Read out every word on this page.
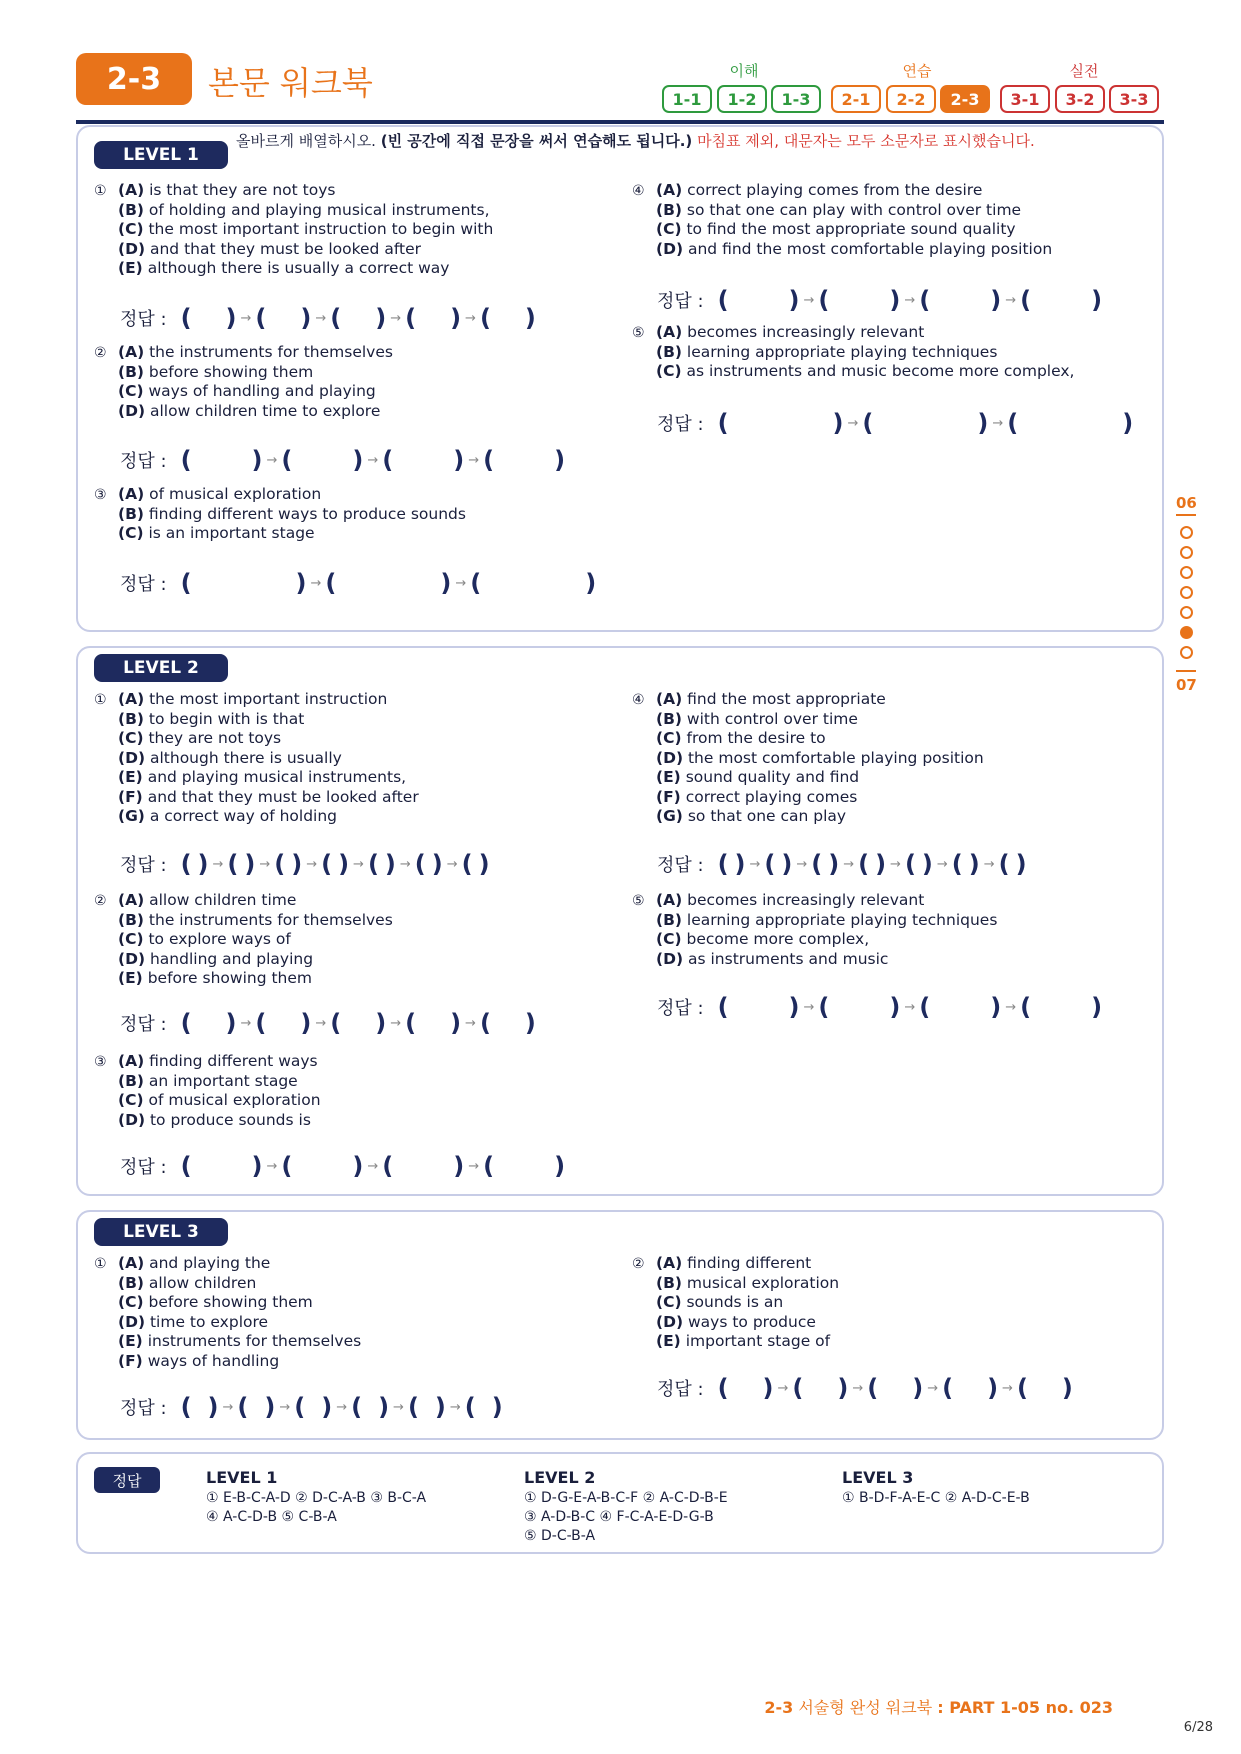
2-3	본문 워크북	이해	연습	실전
1-1	1-2	1-3	2-1	2-2	2-3	3-1	3-2	3-3
06
07
LEVEL 1
올바르게 배열하시오. (빈 공간에 직접 문장을 써서 연습해도 됩니다.) 마침표 제외, 대문자는 모두 소문자로 표시했습니다.
① (A) is that they are not toys
(B) of holding and playing musical instruments,
(C) the most important instruction to begin with
(D) and that they must be looked after
(E) although there is usually a correct way
정답 : ( ) → ( ) → ( ) → ( ) → ( )
② (A) the instruments for themselves
(B) before showing them
(C) ways of handling and playing
(D) allow children time to explore
정답 : (	) → (	) → (	) → (	)
③ (A) of musical exploration
(B) finding different ways to produce sounds
(C) is an important stage
정답 : (	) → (	) → (	)
④ (A) correct playing comes from the desire
(B) so that one can play with control over time
(C) to find the most appropriate sound quality
(D) and find the most comfortable playing position
정답 : (	) → (	) → (	) → (	)
⑤ (A) becomes increasingly relevant
(B) learning appropriate playing techniques
(C) as instruments and music become more complex,
정답 : (	) → (	) → (	)
LEVEL 2
① (A) the most important instruction
(B) to begin with is that
(C) they are not toys
(D) although there is usually
(E) and playing musical instruments,
(F) and that they must be looked after
(G) a correct way of holding
정답 : ( ) → ( ) → ( ) → ( ) → ( ) → ( ) → ( )
② (A) allow children time
(B) the instruments for themselves
(C) to explore ways of
(D) handling and playing
(E) before showing them
정답 : ( ) → ( ) → ( ) → ( ) → ( )
③ (A) finding different ways
(B) an important stage
(C) of musical exploration
(D) to produce sounds is
정답 : (	) → (	) → (	) → (	)
④ (A) find the most appropriate
(B) with control over time
(C) from the desire to
(D) the most comfortable playing position
(E) sound quality and find
(F) correct playing comes
(G) so that one can play
정답 : ( ) → ( ) → ( ) → ( ) → ( ) → ( ) → ( )
⑤ (A) becomes increasingly relevant
(B) learning appropriate playing techniques
(C) become more complex,
(D) as instruments and music
정답 : (	) → (	) → (	) → (	)
LEVEL 3
① (A) and playing the
(B) allow children
(C) before showing them
(D) time to explore
(E) instruments for themselves
(F) ways of handling
정답 : ( ) → ( ) → ( ) → ( ) → ( ) → ( )
② (A) finding different
(B) musical exploration
(C) sounds is an
(D) ways to produce
(E) important stage of
정답 : ( ) → ( ) → ( ) → ( ) → ( )
정답	LEVEL 1
① E-B-C-A-D ② D-C-A-B ③ B-C-A
④ A-C-D-B ⑤ C-B-A
LEVEL 2
① D-G-E-A-B-C-F ② A-C-D-B-E
③ A-D-B-C ④ F-C-A-E-D-G-B
⑤ D-C-B-A
LEVEL 3
① B-D-F-A-E-C ② A-D-C-E-B
2-3 서술형 완성 워크북 : PART 1-05 no. 023
6/28
